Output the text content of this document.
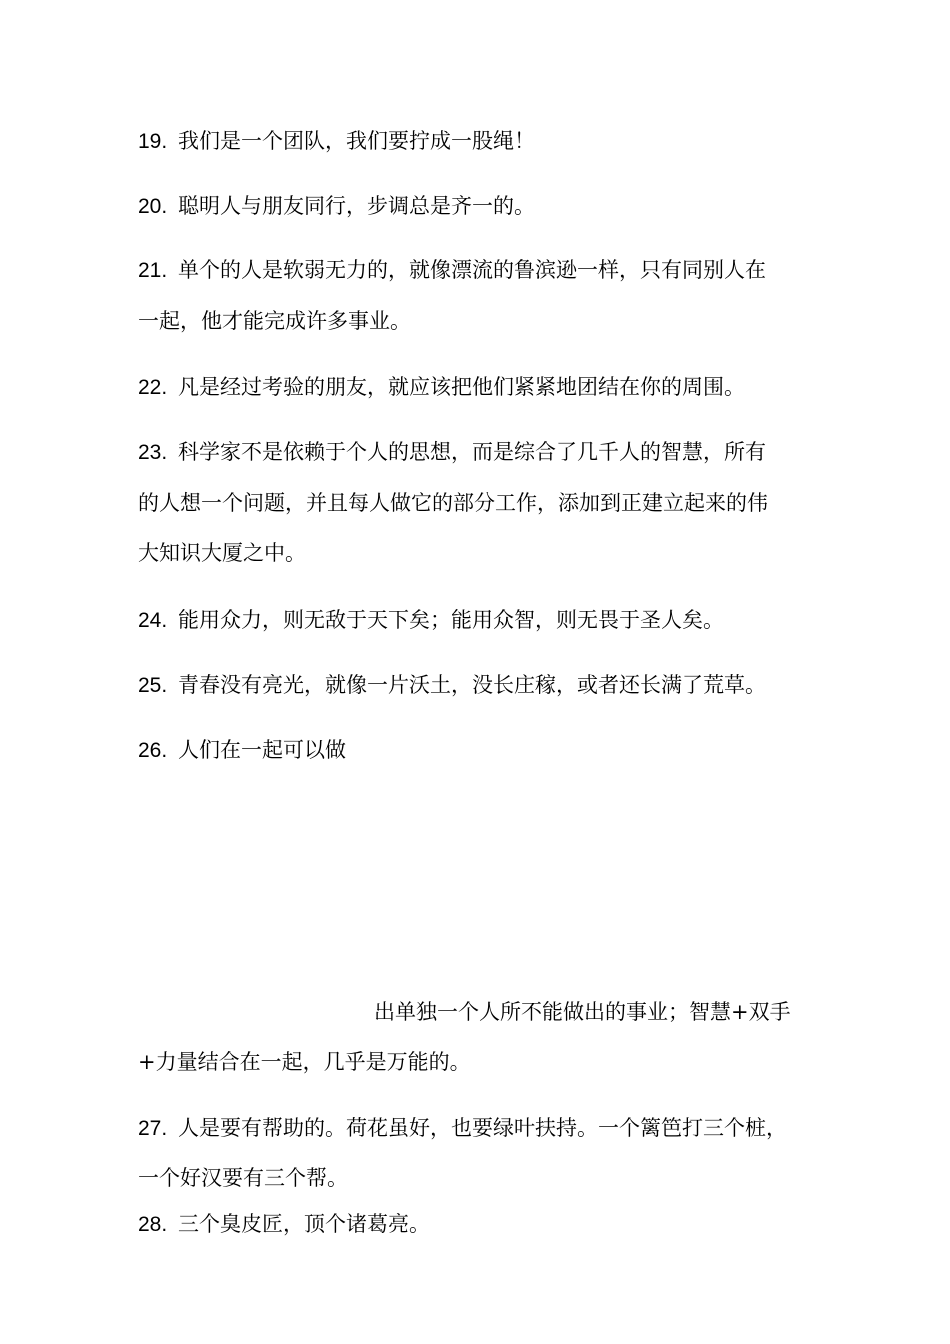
19. 我们是一个团队，我们要拧成一股绳！
20. 聪明人与朋友同行，步调总是齐一的。
21. 单个的人是软弱无力的，就像漂流的鲁滨逊一样，只有同别人在
一起，他才能完成许多事业。
22. 凡是经过考验的朋友，就应该把他们紧紧地团结在你的周围。
23. 科学家不是依赖于个人的思想，而是综合了几千人的智慧，所有
的人想一个问题，并且每人做它的部分工作，添加到正建立起来的伟
大知识大厦之中。
24. 能用众力，则无敌于天下矣；能用众智，则无畏于圣人矣。
25. 青春没有亮光，就像一片沃土，没长庄稼，或者还长满了荒草。
26. 人们在一起可以做
出单独一个人所不能做出的事业；智慧+双手
+力量结合在一起，几乎是万能的。
27. 人是要有帮助的。荷花虽好，也要绿叶扶持。一个篱笆打三个桩，
一个好汉要有三个帮。
28. 三个臭皮匠，顶个诸葛亮。
